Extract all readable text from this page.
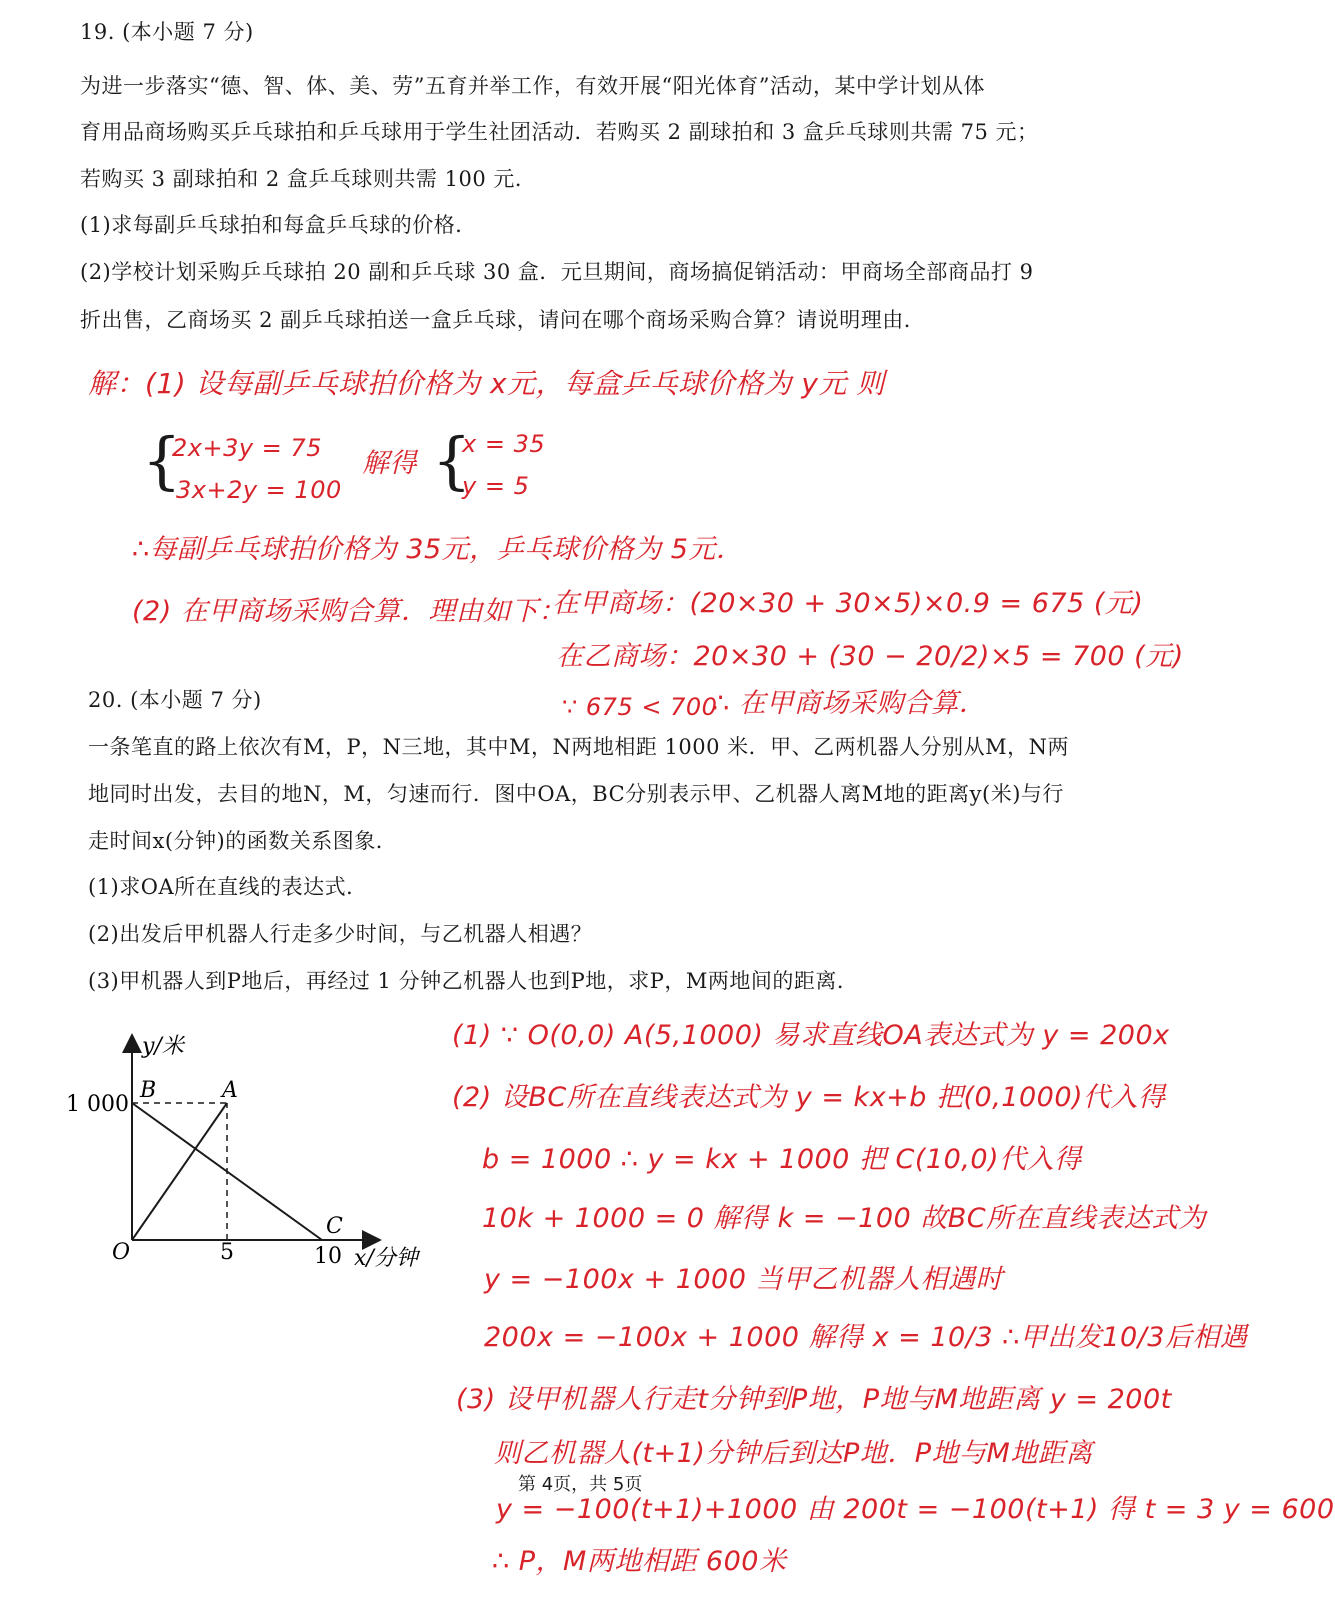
19. (本小题 7 分)
为进一步落实“德、智、体、美、劳”五育并举工作，有效开展“阳光体育”活动，某中学计划从体
育用品商场购买乒乓球拍和乒乓球用于学生社团活动．若购买 2 副球拍和 3 盒乒乓球则共需 75 元；
若购买 3 副球拍和 2 盒乒乓球则共需 100 元．
(1)求每副乒乓球拍和每盒乒乓球的价格．
(2)学校计划采购乒乓球拍 20 副和乒乓球 30 盒．元旦期间，商场搞促销活动：甲商场全部商品打 9
折出售，乙商场买 2 副乒乓球拍送一盒乒乓球，请问在哪个商场采购合算？请说明理由．
解：(1) 设每副乒乓球拍价格为 x元，每盒乒乓球价格为 y元 则
{
2x+3y = 75
3x+2y = 100
解得 {
x = 35
y = 5
∴每副乒乓球拍价格为 35元，乒乓球价格为 5元．
(2) 在甲商场采购合算．理由如下：
在甲商场：(20×30 + 30×5)×0.9 = 675 (元)
在乙商场：20×30 + (30 − 20/2)×5 = 700 (元)
∵ 675 < 700
∴ 在甲商场采购合算．
20. (本小题 7 分)
一条笔直的路上依次有M，P，N三地，其中M，N两地相距 1000 米．甲、乙两机器人分别从M，N两
地同时出发，去目的地N，M，匀速而行．图中OA，BC分别表示甲、乙机器人离M地的距离y(米)与行
走时间x(分钟)的函数关系图象．
(1)求OA所在直线的表达式．
(2)出发后甲机器人行走多少时间，与乙机器人相遇？
(3)甲机器人到P地后，再经过 1 分钟乙机器人也到P地，求P，M两地间的距离．
y/米
x/分钟
O
1 000
5	10
B	A
C
(1) ∵ O(0,0) A(5,1000) 易求直线OA表达式为 y = 200x
(2) 设BC所在直线表达式为 y = kx+b 把(0,1000)代入得
b = 1000 ∴ y = kx + 1000 把 C(10,0)代入得
10k + 1000 = 0 解得 k = −100 故BC所在直线表达式为
y = −100x + 1000 当甲乙机器人相遇时
200x = −100x + 1000 解得 x = 10/3 ∴甲出发10/3后相遇
(3) 设甲机器人行走t分钟到P地，P地与M地距离 y = 200t
则乙机器人(t+1)分钟后到达P地．P地与M地距离
y = −100(t+1)+1000 由 200t = −100(t+1) 得 t = 3 y = 600
∴ P，M两地相距 600米
第 4页，共 5页
